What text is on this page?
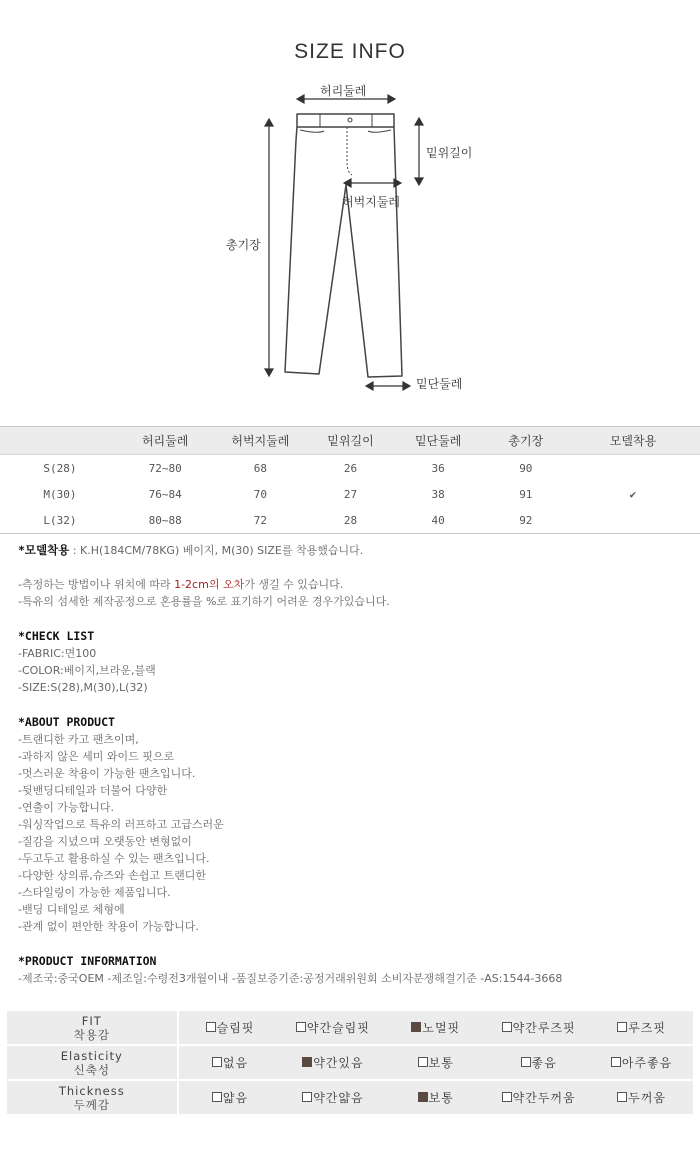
SIZE INFO
허리둘레
밑위길이
허벅지둘레
총기장
밑단둘레
	허리둘레	허벅지둘레	밑위길이	밑단둘레	총기장	모델착용
S(28)	72~80	68	26	36	90	
M(30)	76~84	70	27	38	91	✔
L(32)	80~88	72	28	40	92	
*모델착용 : K.H(184CM/78KG) 베이지, M(30) SIZE를 착용했습니다.
-측정하는 방법이나 위치에 따라 1-2cm의 오차가 생길 수 있습니다.
-특유의 섬세한 제작공정으로 혼용률을 %로 표기하기 어려운 경우가있습니다.
*CHECK LIST
-FABRIC:면100
-COLOR:베이지,브라운,블랙
-SIZE:S(28),M(30),L(32)
*ABOUT PRODUCT
-트랜디한 카고 팬츠이며,
-과하지 않은 세미 와이드 핏으로
-멋스러운 착용이 가능한 팬츠입니다.
-뒷밴딩디테일과 더불어 다양한
-연출이 가능합니다.
-워싱작업으로 특유의 러프하고 고급스러운
-질감을 지녔으며 오랫동안 변형없이
-두고두고 활용하실 수 있는 팬츠입니다.
-다양한 상의류,슈즈와 손쉽고 트랜디한
-스타일링이 가능한 제품입니다.
-밴딩 디테일로 체형에
-관계 없이 편안한 착용이 가능합니다.
*PRODUCT INFORMATION
-제조국:중국OEM -제조일:수령전3개월이내 -품질보증기준:공정거래위원회 소비자분쟁해결기준 -AS:1544-3668
FIT
착용감	슬림핏	약간슬림핏	노멀핏	약간루즈핏	루즈핏
Elasticity
신축성	없음	약간있음	보통	좋음	아주좋음
Thickness
두께감	얇음	약간얇음	보통	약간두꺼움	두꺼움
